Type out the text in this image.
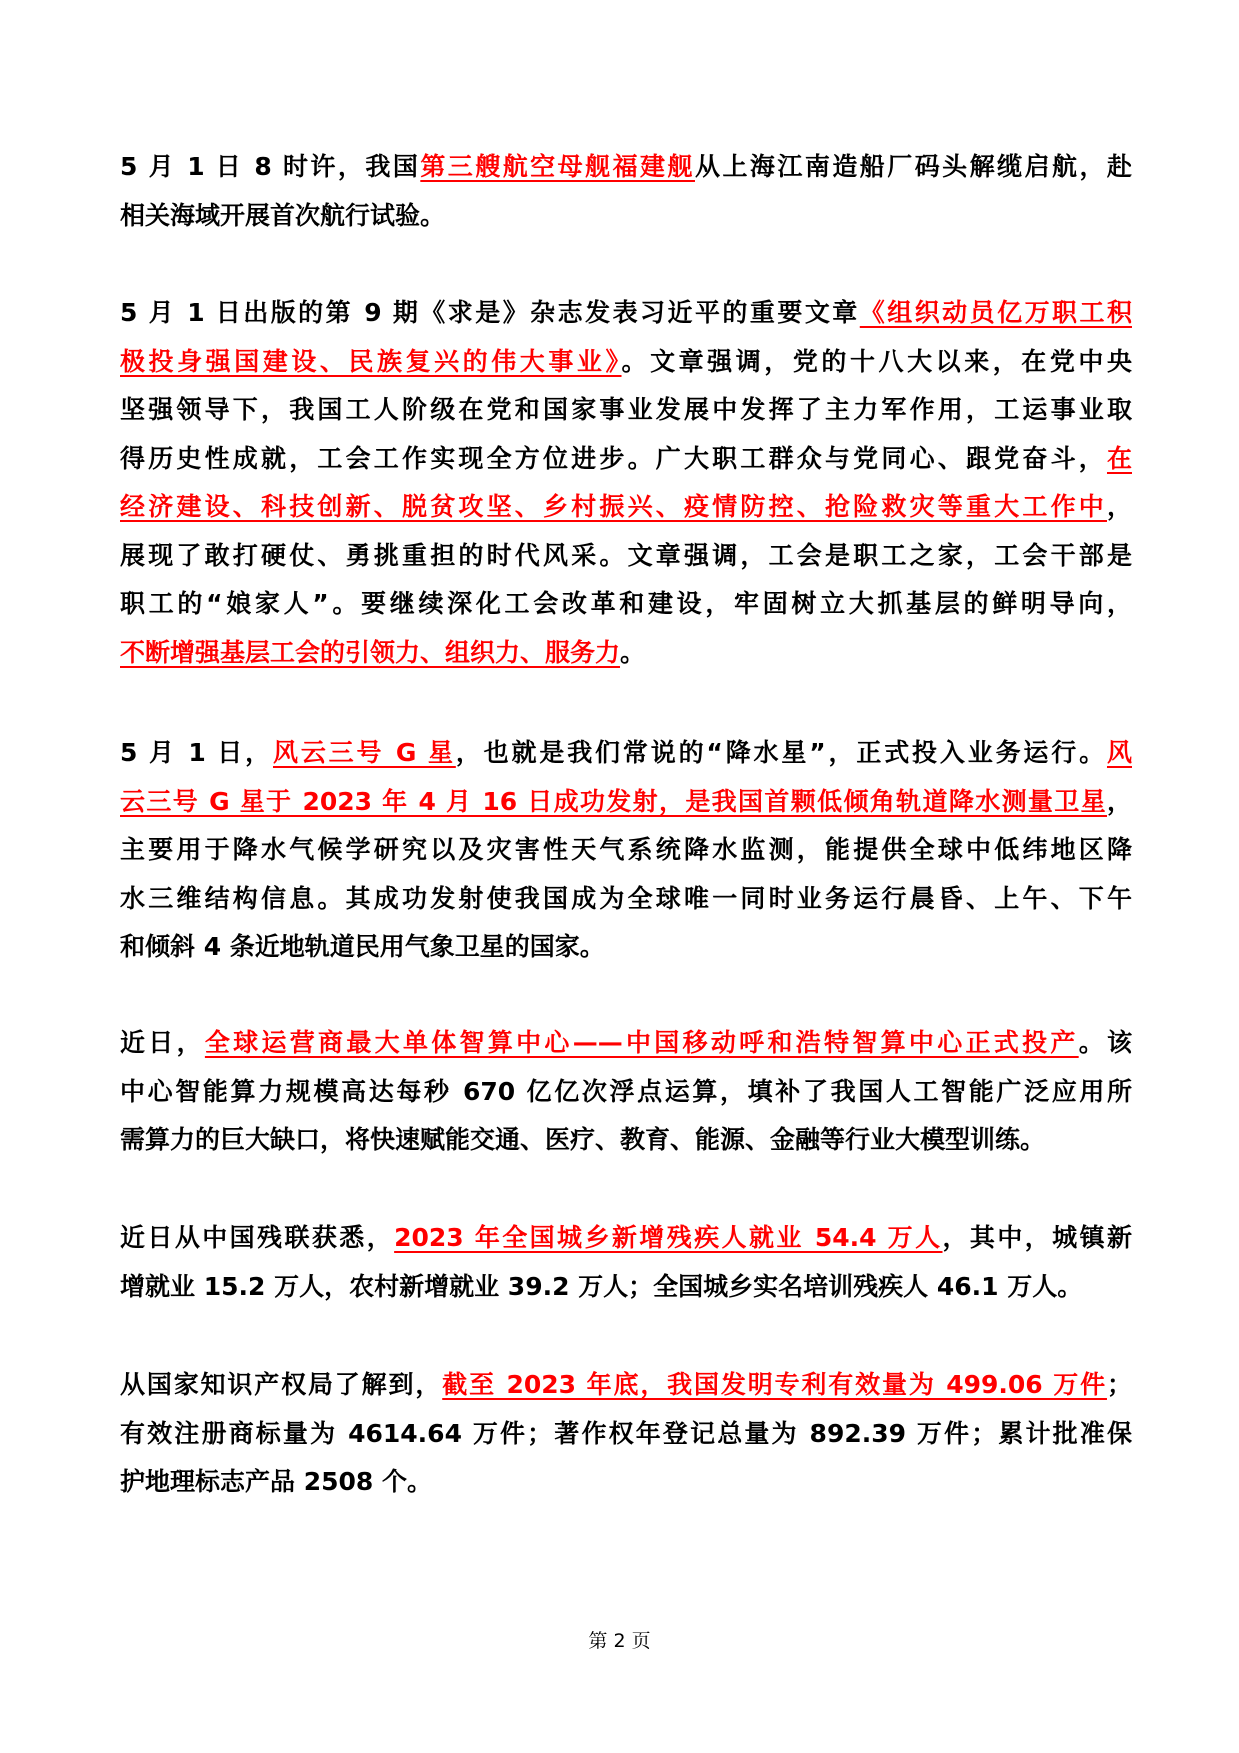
5 月 1 日 8 时许，我国第三艘航空母舰福建舰从上海江南造船厂码头解缆启航，赴
相关海域开展首次航行试验。
5 月 1 日出版的第 9 期《求是》杂志发表习近平的重要文章《组织动员亿万职工积
极投身强国建设、民族复兴的伟大事业》。文章强调，党的十八大以来，在党中央
坚强领导下，我国工人阶级在党和国家事业发展中发挥了主力军作用，工运事业取
得历史性成就，工会工作实现全方位进步。广大职工群众与党同心、跟党奋斗，在
经济建设、科技创新、脱贫攻坚、乡村振兴、疫情防控、抢险救灾等重大工作中，
展现了敢打硬仗、勇挑重担的时代风采。文章强调，工会是职工之家，工会干部是
职工的“娘家人”。要继续深化工会改革和建设，牢固树立大抓基层的鲜明导向，
不断增强基层工会的引领力、组织力、服务力。
5 月 1 日，风云三号 G 星，也就是我们常说的“降水星”，正式投入业务运行。风
云三号 G 星于 2023 年 4 月 16 日成功发射，是我国首颗低倾角轨道降水测量卫星，
主要用于降水气候学研究以及灾害性天气系统降水监测，能提供全球中低纬地区降
水三维结构信息。其成功发射使我国成为全球唯一同时业务运行晨昏、上午、下午
和倾斜 4 条近地轨道民用气象卫星的国家。
近日，全球运营商最大单体智算中心——中国移动呼和浩特智算中心正式投产。该
中心智能算力规模高达每秒 670 亿亿次浮点运算，填补了我国人工智能广泛应用所
需算力的巨大缺口，将快速赋能交通、医疗、教育、能源、金融等行业大模型训练。
近日从中国残联获悉，2023 年全国城乡新增残疾人就业 54.4 万人，其中，城镇新
增就业 15.2 万人，农村新增就业 39.2 万人；全国城乡实名培训残疾人 46.1 万人。
从国家知识产权局了解到，截至 2023 年底，我国发明专利有效量为 499.06 万件；
有效注册商标量为 4614.64 万件；著作权年登记总量为 892.39 万件；累计批准保
护地理标志产品 2508 个。
第 2 页
